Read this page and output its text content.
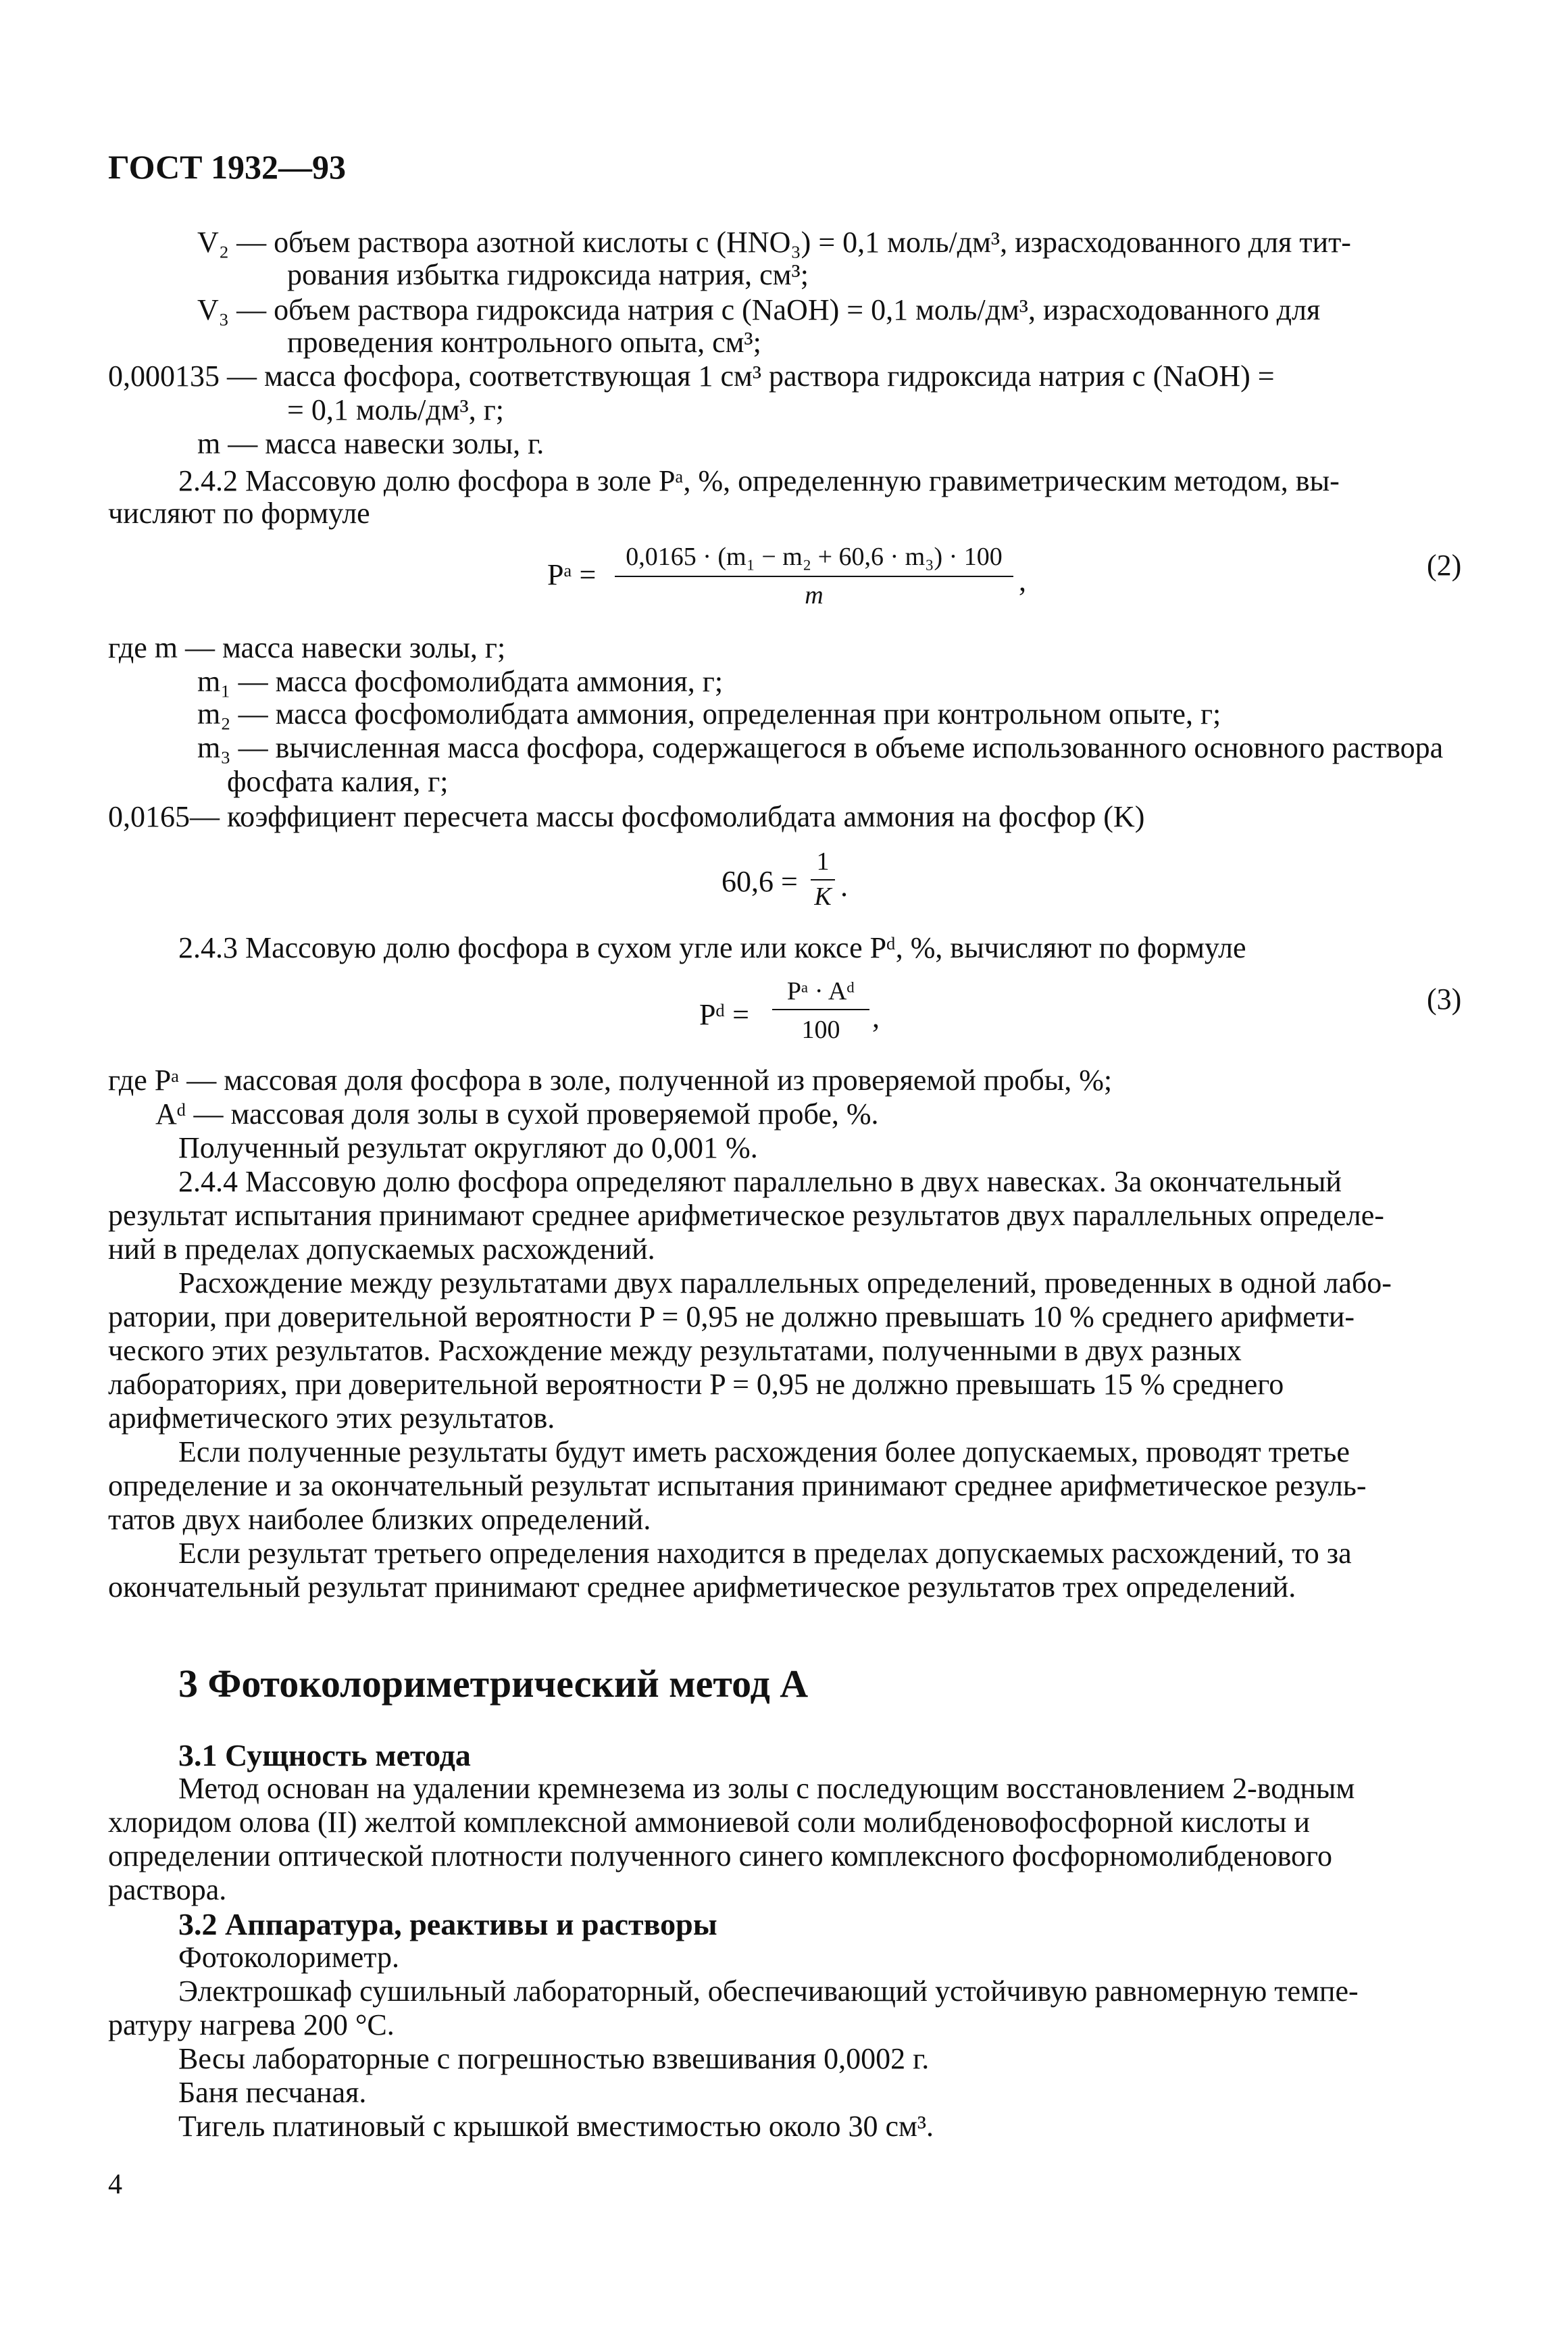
ГОСТ 1932—93
V₂ — объем раствора азотной кислоты c (HNO₃) = 0,1 моль/дм³, израсходованного для тит-
рования избытка гидроксида натрия, см³;
V₃ — объем раствора гидроксида натрия c (NaOH) = 0,1 моль/дм³, израсходованного для
проведения контрольного опыта, см³;
0,000135 — масса фосфора, соответствующая 1 см³ раствора гидроксида натрия c (NaOH) =
= 0,1 моль/дм³, г;
m — масса навески золы, г.
2.4.2 Массовую долю фосфора в золе Pᵃ, %, определенную гравиметрическим методом, вы-
числяют по формуле
Pᵃ =
0,0165 · (m₁ − m₂ + 60,6 · m₃) · 100
m	,	(2)
где m — масса навески золы, г;
m₁ — масса фосфомолибдата аммония, г;
m₂ — масса фосфомолибдата аммония, определенная при контрольном опыте, г;
m₃ — вычисленная масса фосфора, содержащегося в объеме использованного основного раствора
фосфата калия, г;
0,0165— коэффициент пересчета массы фосфомолибдата аммония на фосфор (K)
60,6 =
1
K .
2.4.3 Массовую долю фосфора в сухом угле или коксе Pᵈ, %, вычисляют по формуле
Pᵈ =
Pᵃ · Aᵈ
100	,
(3)
где Pᵃ — массовая доля фосфора в золе, полученной из проверяемой пробы, %;
Aᵈ — массовая доля золы в сухой проверяемой пробе, %.
Полученный результат округляют до 0,001 %.
2.4.4 Массовую долю фосфора определяют параллельно в двух навесках. За окончательный
результат испытания принимают среднее арифметическое результатов двух параллельных определе-
ний в пределах допускаемых расхождений.
Расхождение между результатами двух параллельных определений, проведенных в одной лабо-
ратории, при доверительной вероятности P = 0,95 не должно превышать 10 % среднего арифмети-
ческого этих результатов. Расхождение между результатами, полученными в двух разных
лабораториях, при доверительной вероятности P = 0,95 не должно превышать 15 % среднего
арифметического этих результатов.
Если полученные результаты будут иметь расхождения более допускаемых, проводят третье
определение и за окончательный результат испытания принимают среднее арифметическое резуль-
татов двух наиболее близких определений.
Если результат третьего определения находится в пределах допускаемых расхождений, то за
окончательный результат принимают среднее арифметическое результатов трех определений.
3 Фотоколориметрический метод А
3.1 Сущность метода
Метод основан на удалении кремнезема из золы с последующим восстановлением 2-водным
хлоридом олова (II) желтой комплексной аммониевой соли молибденовофосфорной кислоты и
определении оптической плотности полученного синего комплексного фосфорномолибденового
раствора.
3.2 Аппаратура, реактивы и растворы
Фотоколориметр.
Электрошкаф сушильный лабораторный, обеспечивающий устойчивую равномерную темпе-
ратуру нагрева 200 °С.
Весы лабораторные с погрешностью взвешивания 0,0002 г.
Баня песчаная.
Тигель платиновый с крышкой вместимостью около 30 см³.
4
